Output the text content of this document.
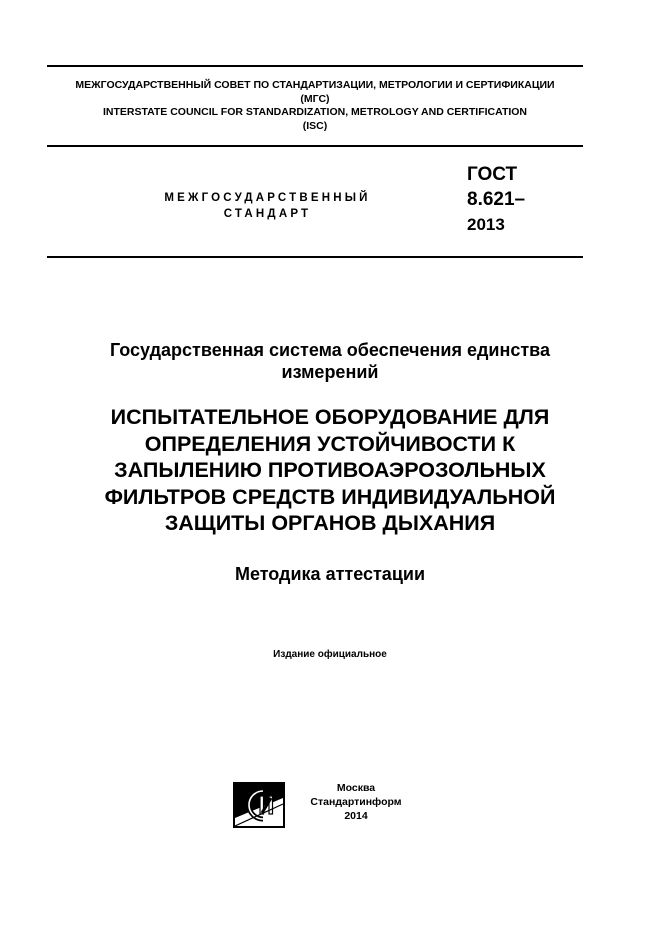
МЕЖГОСУДАРСТВЕННЫЙ СОВЕТ ПО СТАНДАРТИЗАЦИИ, МЕТРОЛОГИИ И СЕРТИФИКАЦИИ
(МГС)
INTERSTATE COUNCIL FOR STANDARDIZATION, METROLOGY AND CERTIFICATION
(ISC)
МЕЖГОСУДАРСТВЕННЫЙ
СТАНДАРТ
ГОСТ
8.621–
2013
Государственная система обеспечения единства
измерений
ИСПЫТАТЕЛЬНОЕ ОБОРУДОВАНИЕ ДЛЯ
ОПРЕДЕЛЕНИЯ УСТОЙЧИВОСТИ К
ЗАПЫЛЕНИЮ ПРОТИВОАЭРОЗОЛЬНЫХ
ФИЛЬТРОВ СРЕДСТВ ИНДИВИДУАЛЬНОЙ
ЗАЩИТЫ ОРГАНОВ ДЫХАНИЯ
Методика аттестации
Издание официальное
Москва
Стандартинформ
2014
